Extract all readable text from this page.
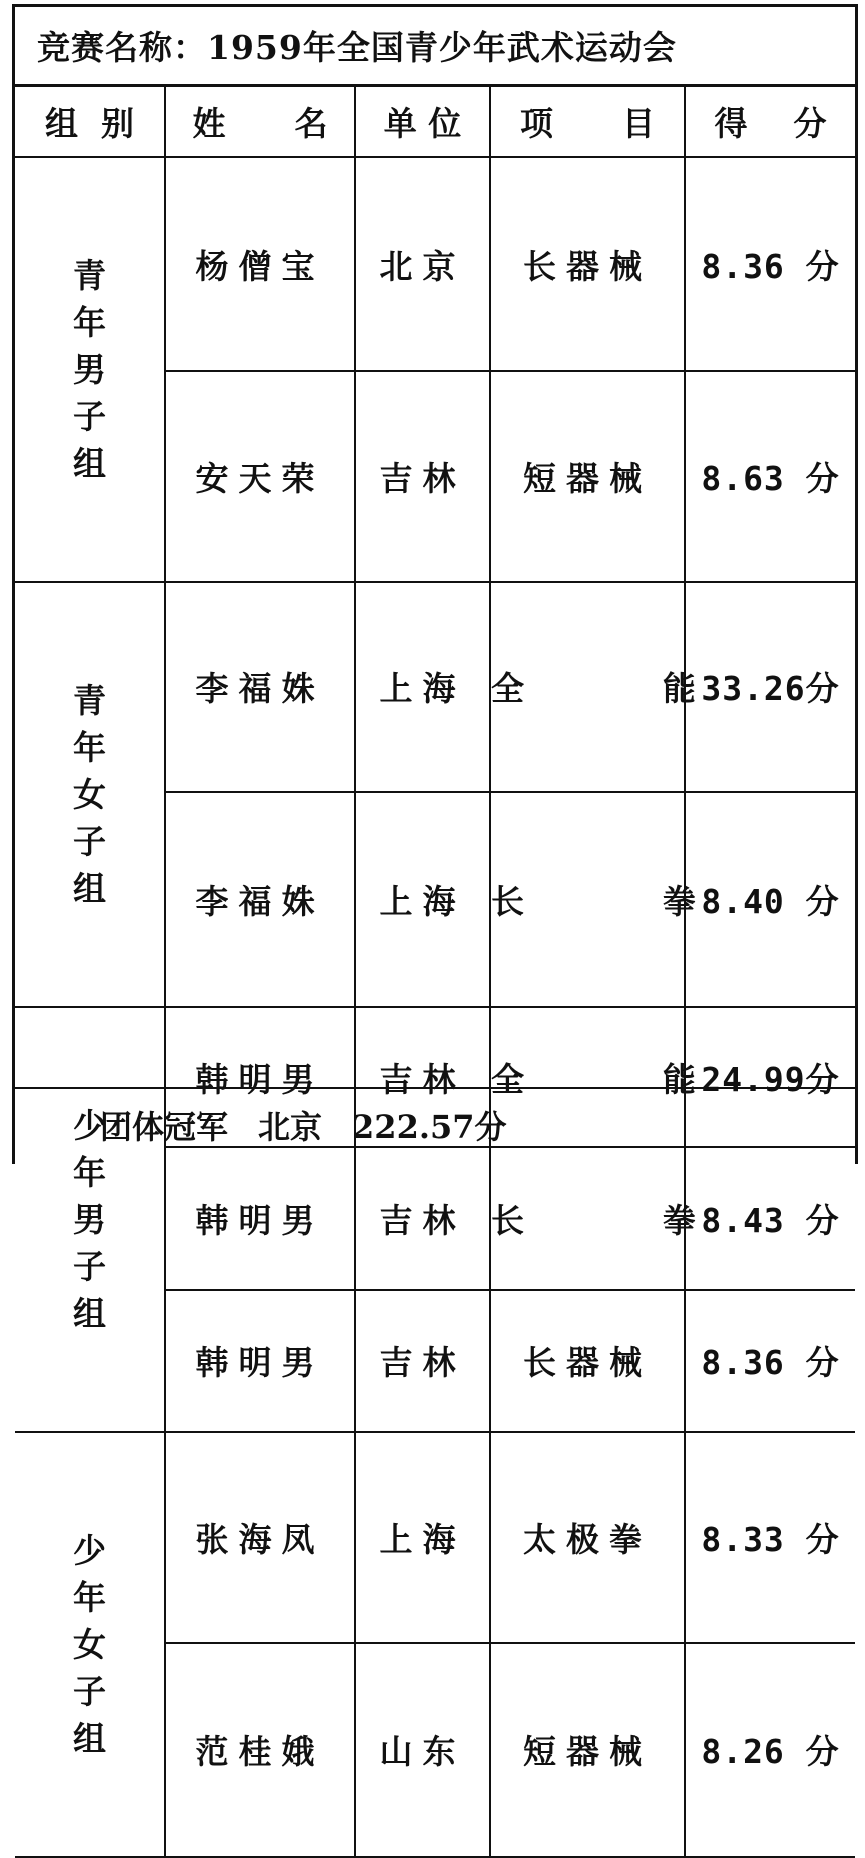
竞赛名称：1959年全国青少年武术运动会
组  别	姓      名	单 位	项      目	得    分

青
年
男
子
组	杨僧宝	北京	长器械	8.36 分
	安天荣	吉林	短器械	8.63 分

青
年
女
子
组	李福姝	上海	全      能	33.26分
	李福姝	上海	长      拳	8.40 分

少
年
男
子
组	韩明男	吉林	全      能	24.99分
	韩明男	吉林	长      拳	8.43 分
	韩明男	吉林	长器械	8.36 分

少
年
女
子
组	张海凤	上海	太极拳	8.33 分
	范桂娥	山东	短器械	8.26 分
团体冠军 北京 222.57分
